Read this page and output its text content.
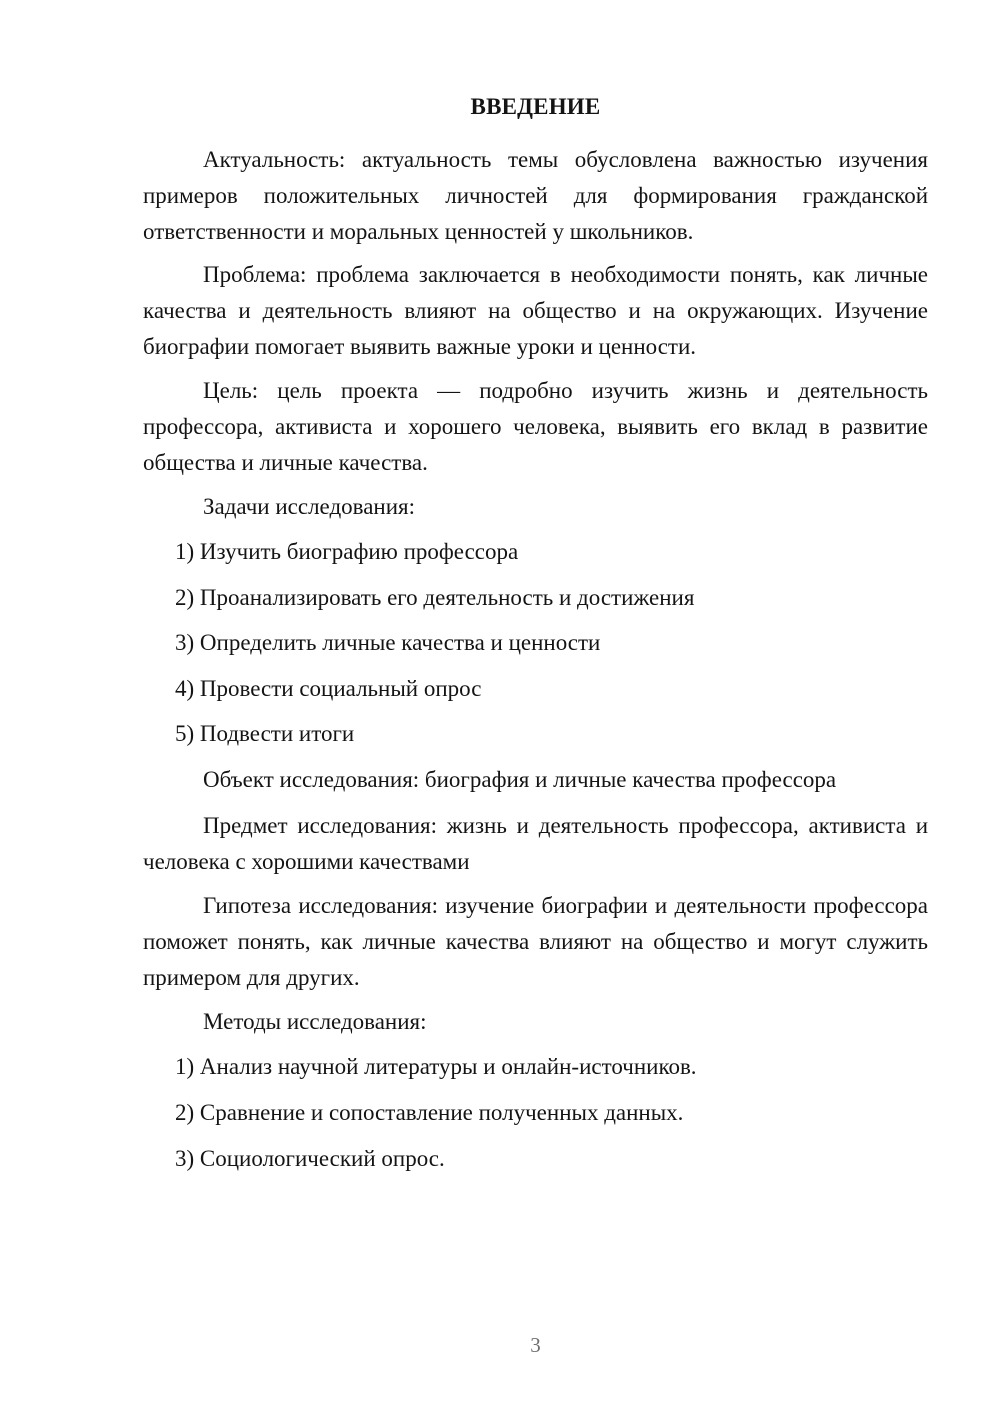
ВВЕДЕНИЕ

Актуальность: актуальность темы обусловлена важностью изучения примеров положительных личностей для формирования гражданской ответственности и моральных ценностей у школьников.

Проблема: проблема заключается в необходимости понять, как личные качества и деятельность влияют на общество и на окружающих. Изучение биографии помогает выявить важные уроки и ценности.

Цель: цель проекта — подробно изучить жизнь и деятельность профессора, активиста и хорошего человека, выявить его вклад в развитие общества и личные качества.

Задачи исследования:

1) Изучить биографию профессора

2) Проанализировать его деятельность и достижения

3) Определить личные качества и ценности

4) Провести социальный опрос

5) Подвести итоги

Объект исследования: биография и личные качества профессора

Предмет исследования: жизнь и деятельность профессора, активиста и человека с хорошими качествами

Гипотеза исследования: изучение биографии и деятельности профессора поможет понять, как личные качества влияют на общество и могут служить примером для других.

Методы исследования:

1) Анализ научной литературы и онлайн-источников.

2) Сравнение и сопоставление полученных данных.

3) Социологический опрос.

3
